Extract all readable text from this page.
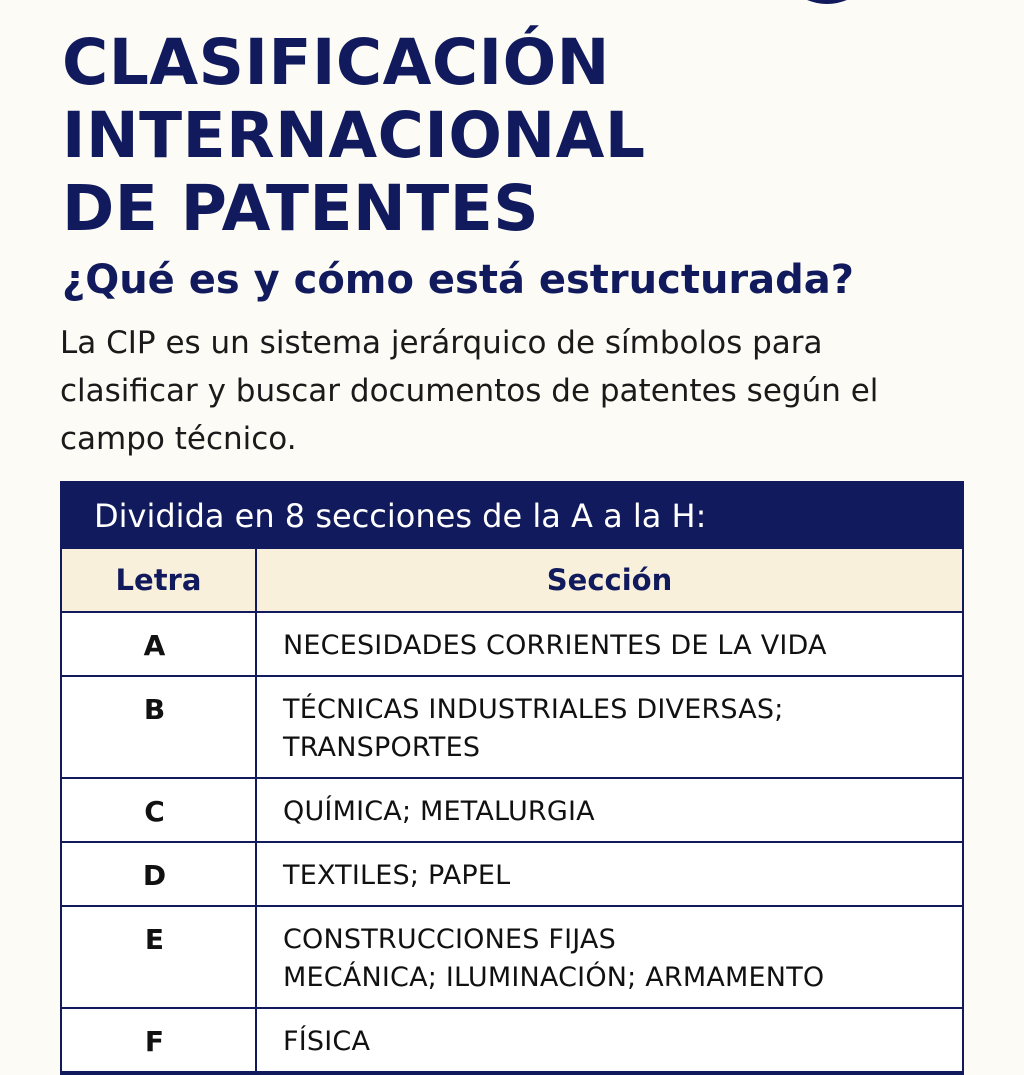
CLASIFICACIÓN
INTERNACIONAL
DE PATENTES
¿Qué es y cómo está estructurada?

La CIP es un sistema jerárquico de símbolos para clasificar y buscar documentos de patentes según el campo técnico.

Dividida en 8 secciones de la A a la H:
Letra	Sección
A	NECESIDADES CORRIENTES DE LA VIDA

B	TÉCNICAS INDUSTRIALES DIVERSAS;
TRANSPORTES

C	QUÍMICA; METALURGIA

D	TEXTILES; PAPEL

E	CONSTRUCCIONES FIJAS
MECÁNICA; ILUMINACIÓN; ARMAMENTO

F	FÍSICA
